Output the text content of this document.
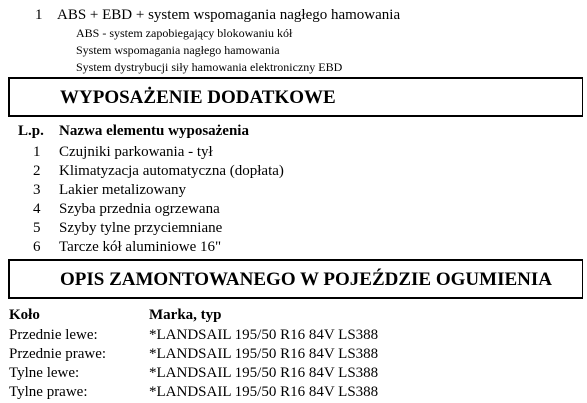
1 ABS + EBD + system wspomagania nagłego hamowania
ABS - system zapobiegający blokowaniu kół
System wspomagania nagłego hamowania
System dystrybucji siły hamowania elektroniczny EBD
WYPOSAŻENIE DODATKOWE
L.p. Nazwa elementu wyposażenia
1 Czujniki parkowania - tył
2 Klimatyzacja automatyczna (dopłata)
3 Lakier metalizowany
4 Szyba przednia ogrzewana
5 Szyby tylne przyciemniane
6 Tarcze kół aluminiowe 16"
OPIS ZAMONTOWANEGO W POJEŹDZIE OGUMIENIA
Koło	Marka, typ
Przednie lewe:	*LANDSAIL 195/50 R16 84V LS388
Przednie prawe:	*LANDSAIL 195/50 R16 84V LS388
Tylne lewe:	*LANDSAIL 195/50 R16 84V LS388
Tylne prawe:	*LANDSAIL 195/50 R16 84V LS388
